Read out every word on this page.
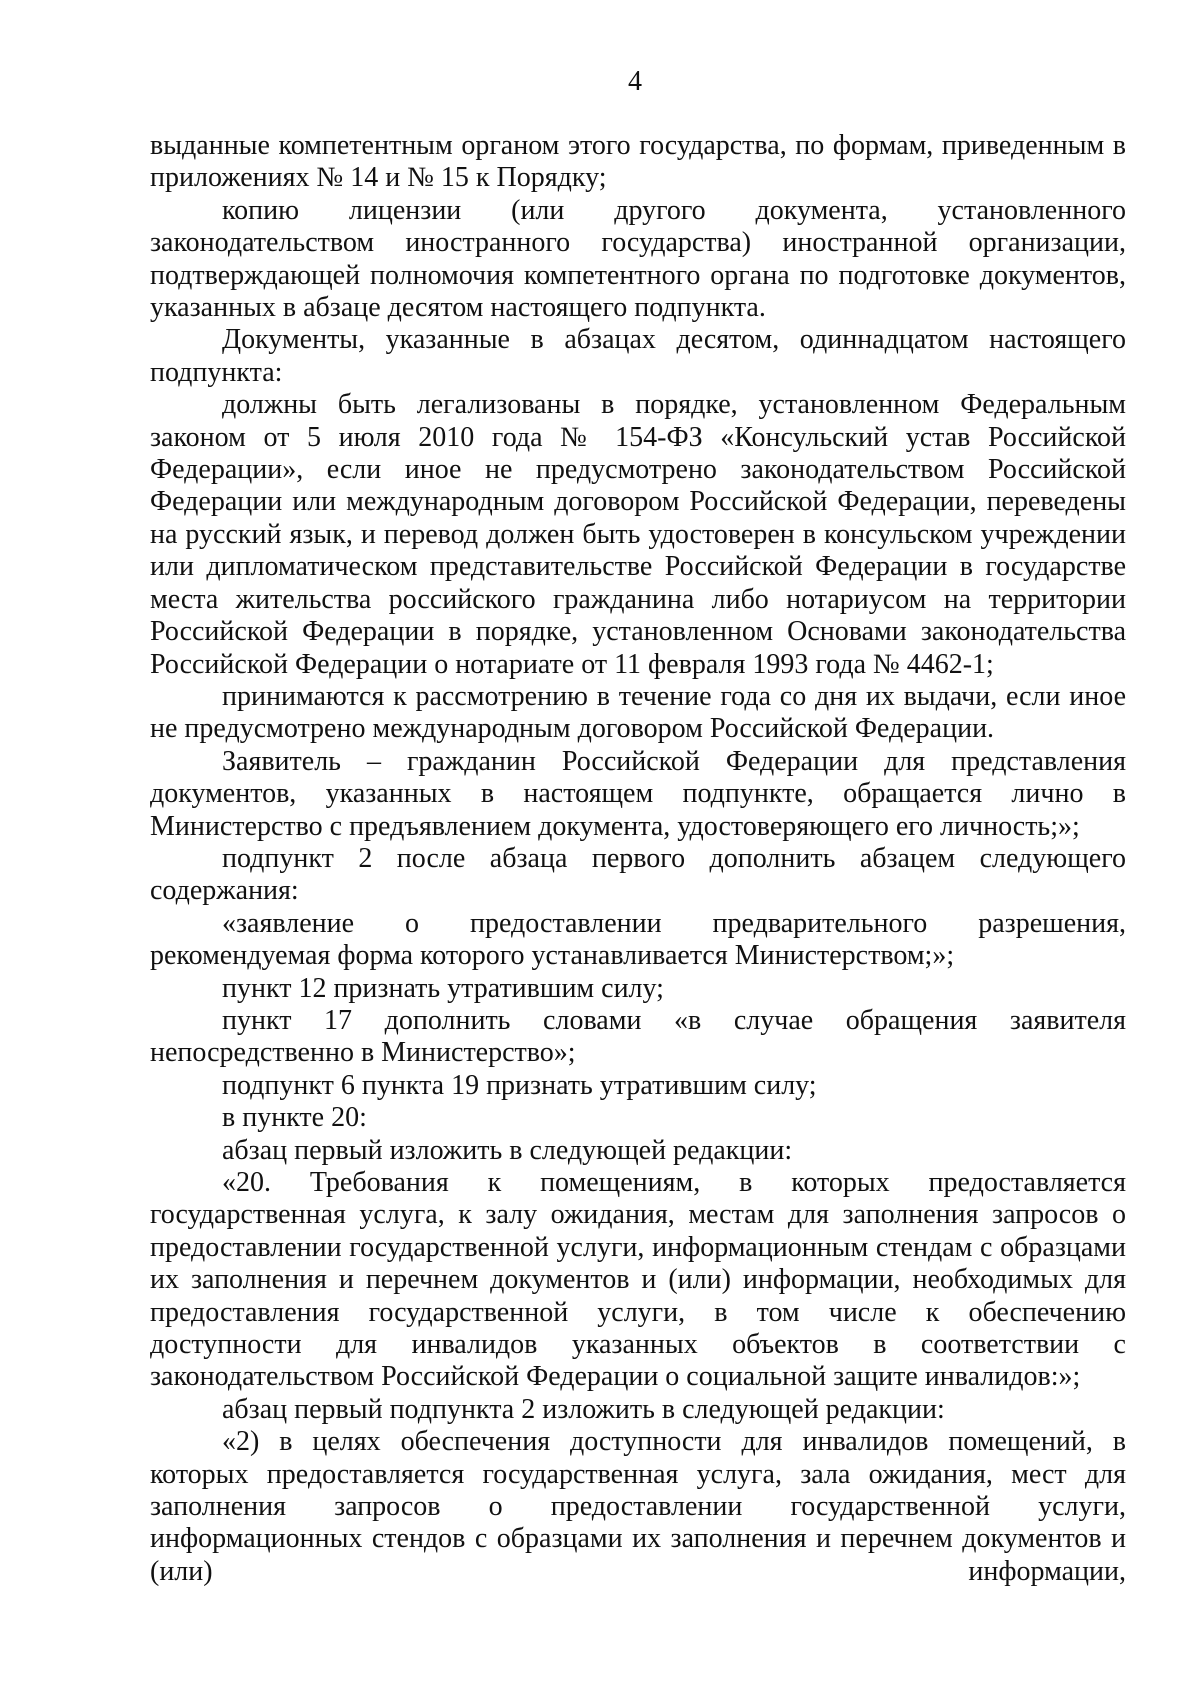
4

выданные компетентным органом этого государства, по формам, приведенным в приложениях № 14 и № 15 к Порядку;

копию лицензии (или другого документа, установленного законодательством иностранного государства) иностранной организации, подтверждающей полномочия компетентного органа по подготовке документов, указанных в абзаце десятом настоящего подпункта.

Документы, указанные в абзацах десятом, одиннадцатом настоящего подпункта:

должны быть легализованы в порядке, установленном Федеральным законом от 5 июля 2010 года № 154-ФЗ «Консульский устав Российской Федерации», если иное не предусмотрено законодательством Российской Федерации или международным договором Российской Федерации, переведены на русский язык, и перевод должен быть удостоверен в консульском учреждении или дипломатическом представительстве Российской Федерации в государстве места жительства российского гражданина либо нотариусом на территории Российской Федерации в порядке, установленном Основами законодательства Российской Федерации о нотариате от 11 февраля 1993 года № 4462-1;

принимаются к рассмотрению в течение года со дня их выдачи, если иное не предусмотрено международным договором Российской Федерации.

Заявитель – гражданин Российской Федерации для представления документов, указанных в настоящем подпункте, обращается лично в Министерство с предъявлением документа, удостоверяющего его личность;»;

подпункт 2 после абзаца первого дополнить абзацем следующего содержания:

«заявление о предоставлении предварительного разрешения, рекомендуемая форма которого устанавливается Министерством;»;

пункт 12 признать утратившим силу;

пункт 17 дополнить словами «в случае обращения заявителя непосредственно в Министерство»;

подпункт 6 пункта 19 признать утратившим силу;

в пункте 20:

абзац первый изложить в следующей редакции:

«20. Требования к помещениям, в которых предоставляется государственная услуга, к залу ожидания, местам для заполнения запросов о предоставлении государственной услуги, информационным стендам с образцами их заполнения и перечнем документов и (или) информации, необходимых для предоставления государственной услуги, в том числе к обеспечению доступности для инвалидов указанных объектов в соответствии с законодательством Российской Федерации о социальной защите инвалидов:»;

абзац первый подпункта 2 изложить в следующей редакции:

«2) в целях обеспечения доступности для инвалидов помещений, в которых предоставляется государственная услуга, зала ожидания, мест для заполнения запросов о предоставлении государственной услуги, информационных стендов с образцами их заполнения и перечнем документов и (или) информации,
